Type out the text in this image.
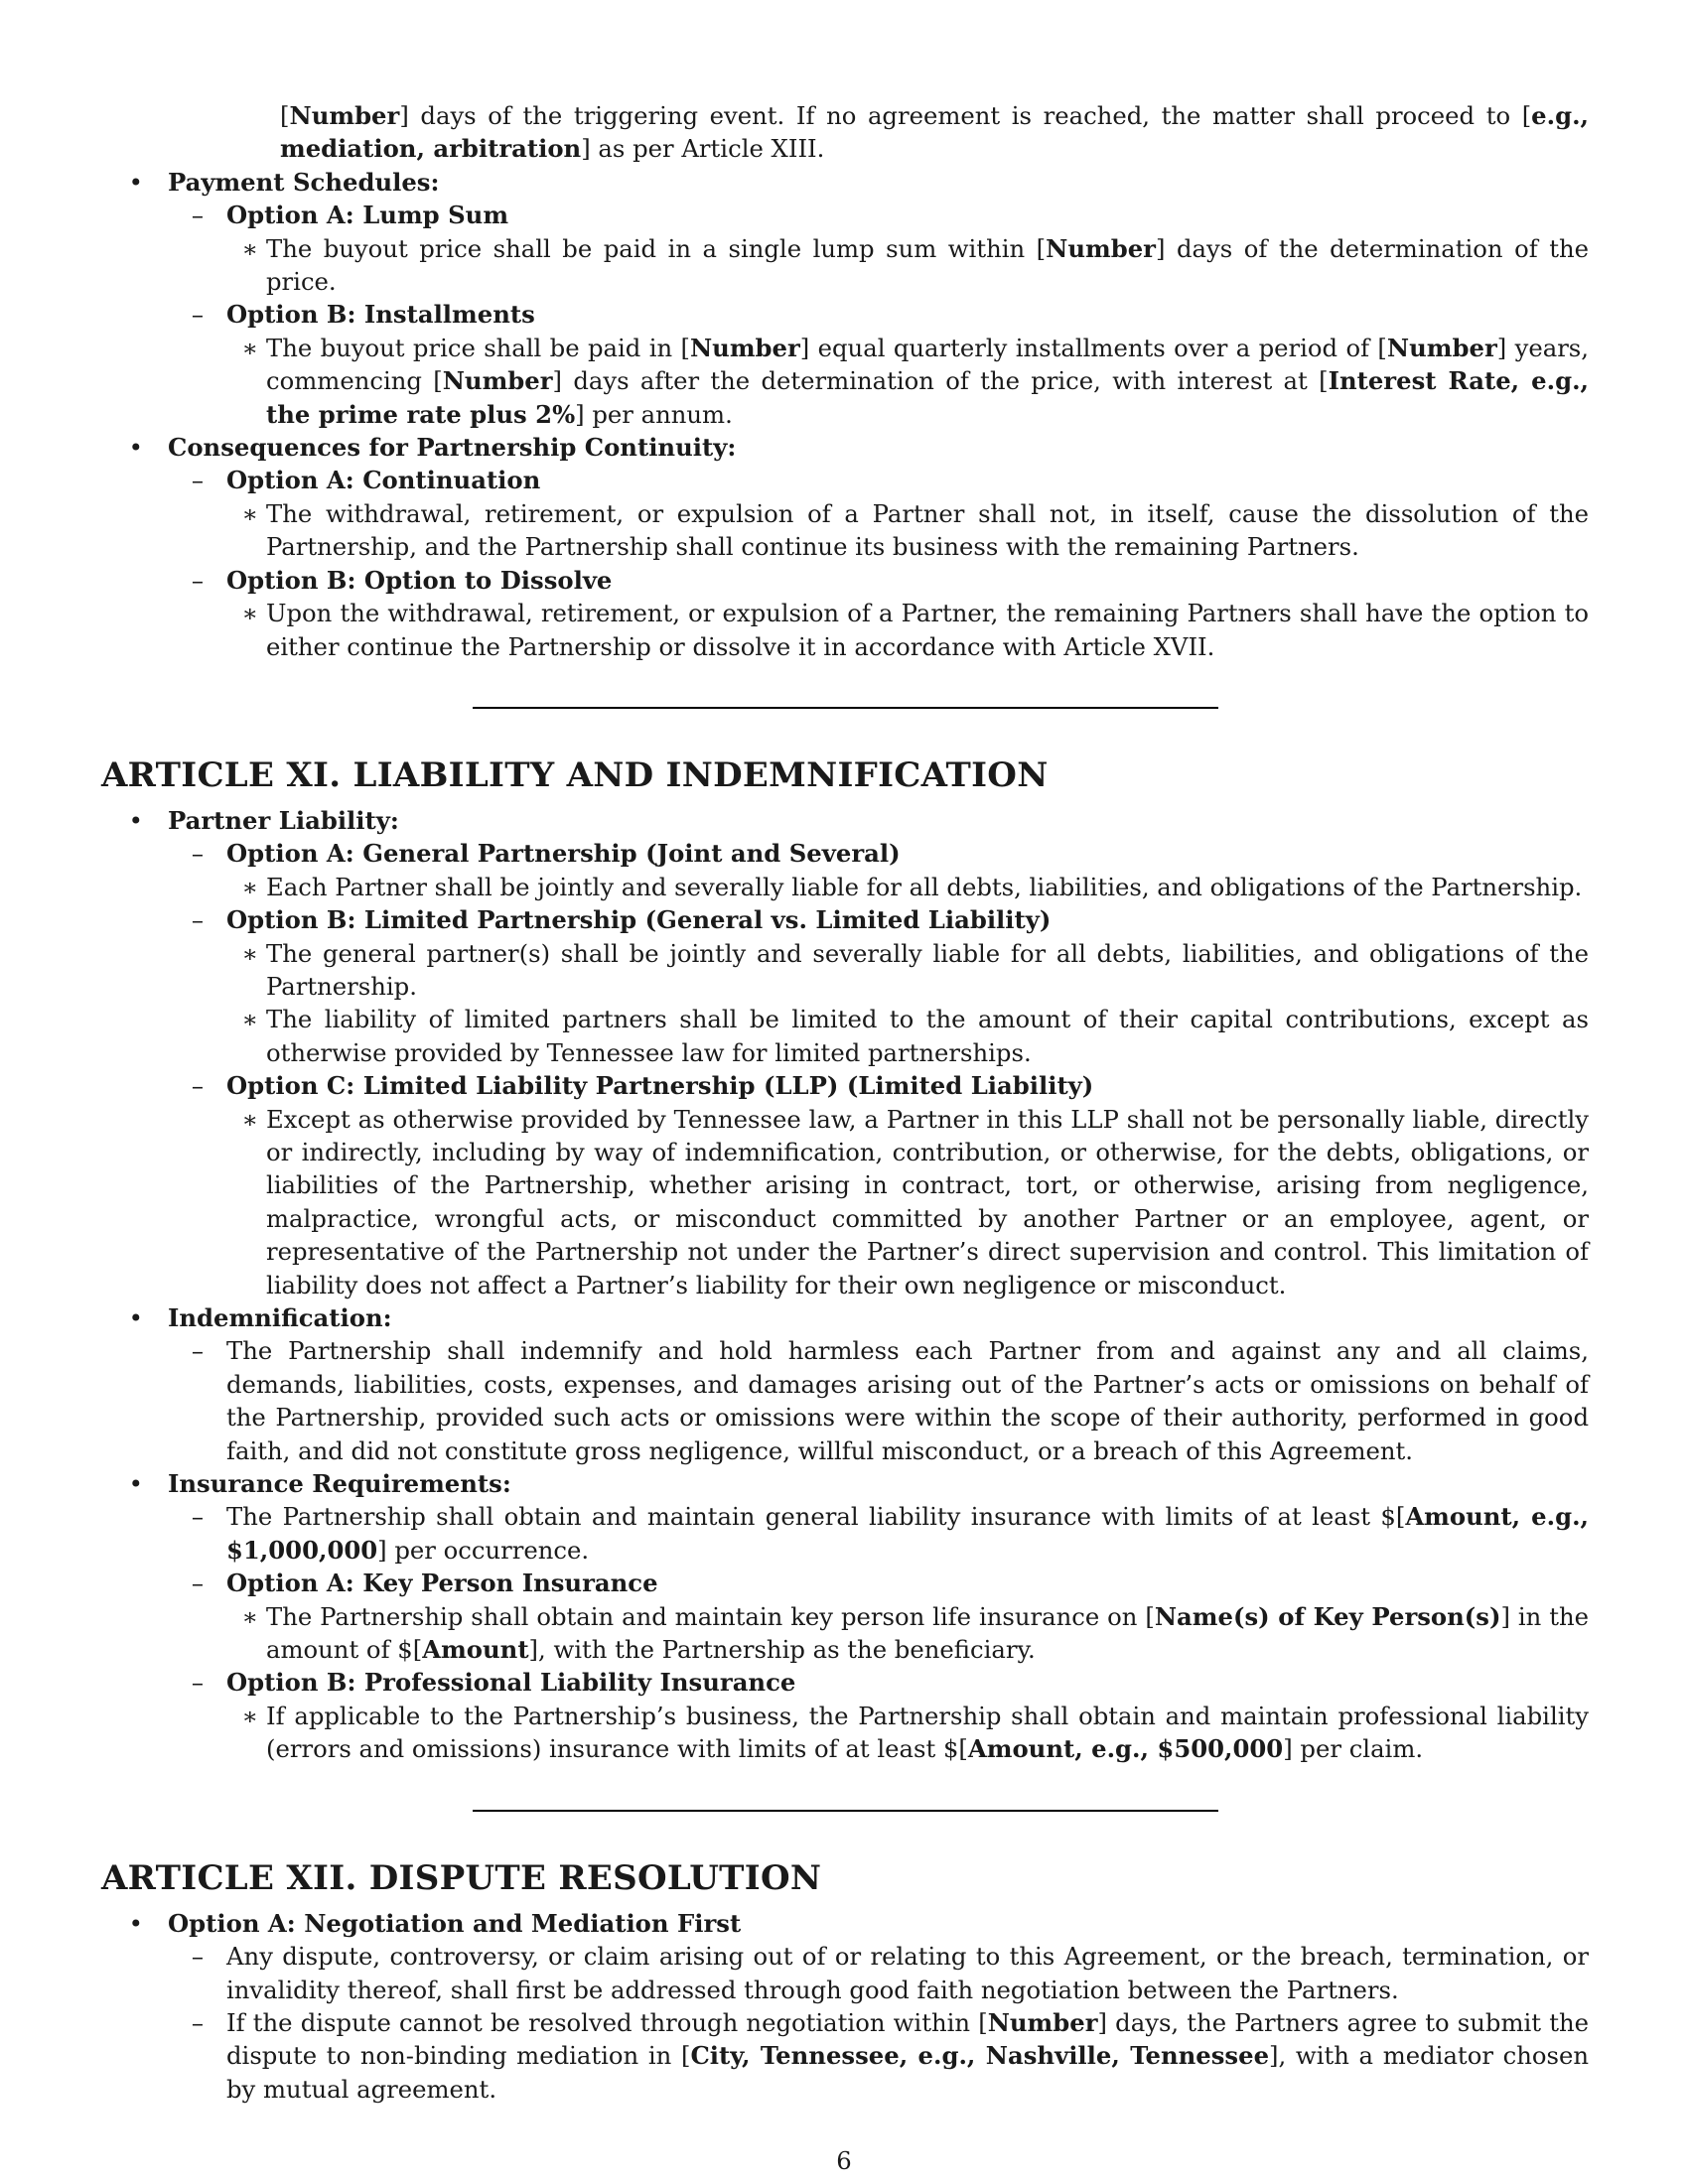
[Number] days of the triggering event. If no agreement is reached, the matter shall proceed to [e.g., mediation, arbitration] as per Article XIII.

•	Payment Schedules:
– Option A: Lump Sum
∗ The buyout price shall be paid in a single lump sum within [Number] days of the determination of the price.
– Option B: Installments
∗ The buyout price shall be paid in [Number] equal quarterly installments over a period of [Number] years, commencing [Number] days after the determination of the price, with interest at [Interest Rate, e.g., the prime rate plus 2%] per annum.
•	Consequences for Partnership Continuity:
– Option A: Continuation
∗ The withdrawal, retirement, or expulsion of a Partner shall not, in itself, cause the dissolution of the Partnership, and the Partnership shall continue its business with the remaining Partners.
– Option B: Option to Dissolve
∗ Upon the withdrawal, retirement, or expulsion of a Partner, the remaining Partners shall have the option to either continue the Partnership or dissolve it in accordance with Article XVII.
ARTICLE XI. LIABILITY AND INDEMNIFICATION
•	Partner Liability:
– Option A: General Partnership (Joint and Several)
∗ Each Partner shall be jointly and severally liable for all debts, liabilities, and obligations of the Partnership.
– Option B: Limited Partnership (General vs. Limited Liability)
∗ The general partner(s) shall be jointly and severally liable for all debts, liabilities, and obligations of the Partnership.
∗ The liability of limited partners shall be limited to the amount of their capital contributions, except as otherwise provided by Tennessee law for limited partnerships.
– Option C: Limited Liability Partnership (LLP) (Limited Liability)
∗ Except as otherwise provided by Tennessee law, a Partner in this LLP shall not be personally liable, directly or indirectly, including by way of indemnification, contribution, or otherwise, for the debts, obligations, or liabilities of the Partnership, whether arising in contract, tort, or otherwise, arising from negligence, malpractice, wrongful acts, or misconduct committed by another Partner or an employee, agent, or representative of the Partnership not under the Partner’s direct supervision and control. This limitation of liability does not affect a Partner’s liability for their own negligence or misconduct.
•	Indemnification:
– The Partnership shall indemnify and hold harmless each Partner from and against any and all claims, demands, liabilities, costs, expenses, and damages arising out of the Partner’s acts or omissions on behalf of the Partnership, provided such acts or omissions were within the scope of their authority, performed in good faith, and did not constitute gross negligence, willful misconduct, or a breach of this Agreement.
•	Insurance Requirements:
– The Partnership shall obtain and maintain general liability insurance with limits of at least $[Amount, e.g., $1,000,000] per occurrence.
– Option A: Key Person Insurance
∗ The Partnership shall obtain and maintain key person life insurance on [Name(s) of Key Person(s)] in the amount of $[Amount], with the Partnership as the beneficiary.
– Option B: Professional Liability Insurance
∗ If applicable to the Partnership’s business, the Partnership shall obtain and maintain professional liability (errors and omissions) insurance with limits of at least $[Amount, e.g., $500,000] per claim.
ARTICLE XII. DISPUTE RESOLUTION
•	Option A: Negotiation and Mediation First
– Any dispute, controversy, or claim arising out of or relating to this Agreement, or the breach, termination, or invalidity thereof, shall first be addressed through good faith negotiation between the Partners.
– If the dispute cannot be resolved through negotiation within [Number] days, the Partners agree to submit the dispute to non-binding mediation in [City, Tennessee, e.g., Nashville, Tennessee], with a mediator chosen by mutual agreement.
6
